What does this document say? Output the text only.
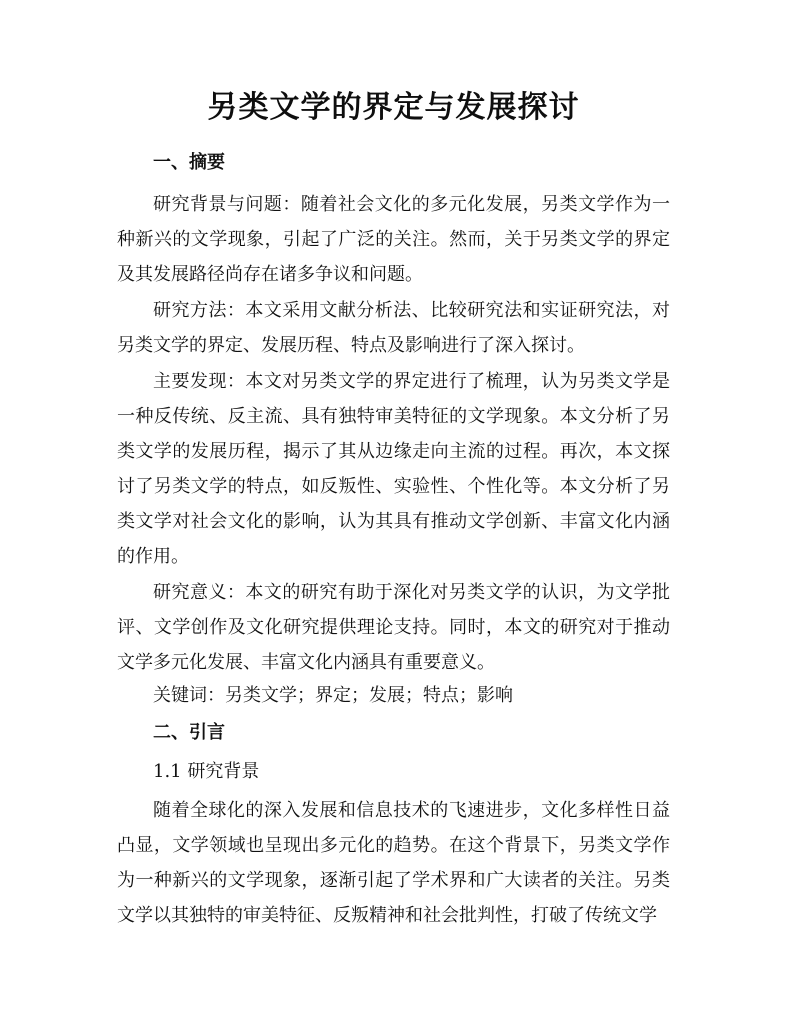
另类文学的界定与发展探讨
一、摘要

研究背景与问题：随着社会文化的多元化发展，另类文学作为一种新兴的文学现象，引起了广泛的关注。然而，关于另类文学的界定及其发展路径尚存在诸多争议和问题。

研究方法：本文采用文献分析法、比较研究法和实证研究法，对另类文学的界定、发展历程、特点及影响进行了深入探讨。

主要发现：本文对另类文学的界定进行了梳理，认为另类文学是一种反传统、反主流、具有独特审美特征的文学现象。本文分析了另类文学的发展历程，揭示了其从边缘走向主流的过程。再次，本文探讨了另类文学的特点，如反叛性、实验性、个性化等。本文分析了另类文学对社会文化的影响，认为其具有推动文学创新、丰富文化内涵的作用。

研究意义：本文的研究有助于深化对另类文学的认识，为文学批评、文学创作及文化研究提供理论支持。同时，本文的研究对于推动文学多元化发展、丰富文化内涵具有重要意义。

关键词：另类文学；界定；发展；特点；影响
二、引言
1.1 研究背景

随着全球化的深入发展和信息技术的飞速进步，文化多样性日益凸显，文学领域也呈现出多元化的趋势。在这个背景下，另类文学作为一种新兴的文学现象，逐渐引起了学术界和广大读者的关注。另类文学以其独特的审美特征、反叛精神和社会批判性，打破了传统文学
